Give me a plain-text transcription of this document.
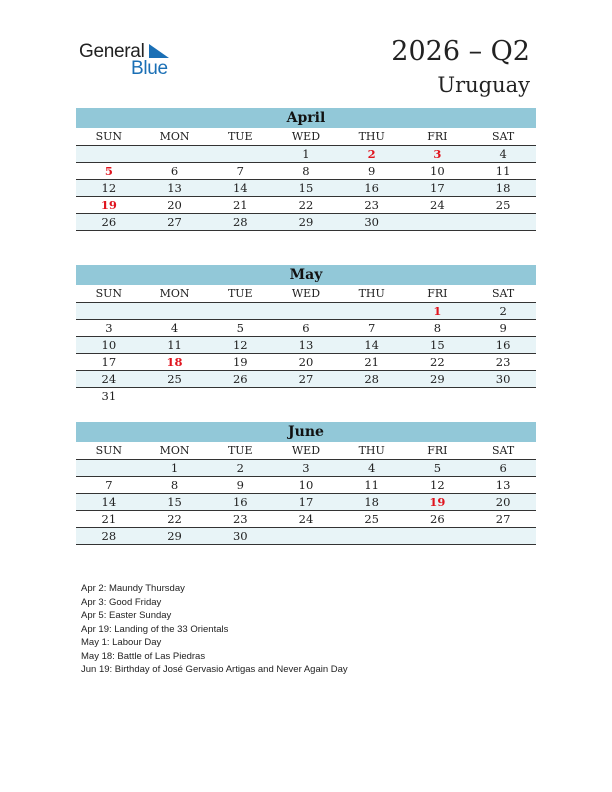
General
Blue
2026 – Q2
Uruguay
April
SUN	MON	TUE	WED	THU	FRI	SAT
			1	2	3	4
5	6	7	8	9	10	11
12	13	14	15	16	17	18
19	20	21	22	23	24	25
26	27	28	29	30		
May
SUN	MON	TUE	WED	THU	FRI	SAT
					1	2
3	4	5	6	7	8	9
10	11	12	13	14	15	16
17	18	19	20	21	22	23
24	25	26	27	28	29	30
31						
June
SUN	MON	TUE	WED	THU	FRI	SAT
	1	2	3	4	5	6
7	8	9	10	11	12	13
14	15	16	17	18	19	20
21	22	23	24	25	26	27
28	29	30				
Apr 2: Maundy Thursday
Apr 3: Good Friday
Apr 5: Easter Sunday
Apr 19: Landing of the 33 Orientals
May 1: Labour Day
May 18: Battle of Las Piedras
Jun 19: Birthday of José Gervasio Artigas and Never Again Day
